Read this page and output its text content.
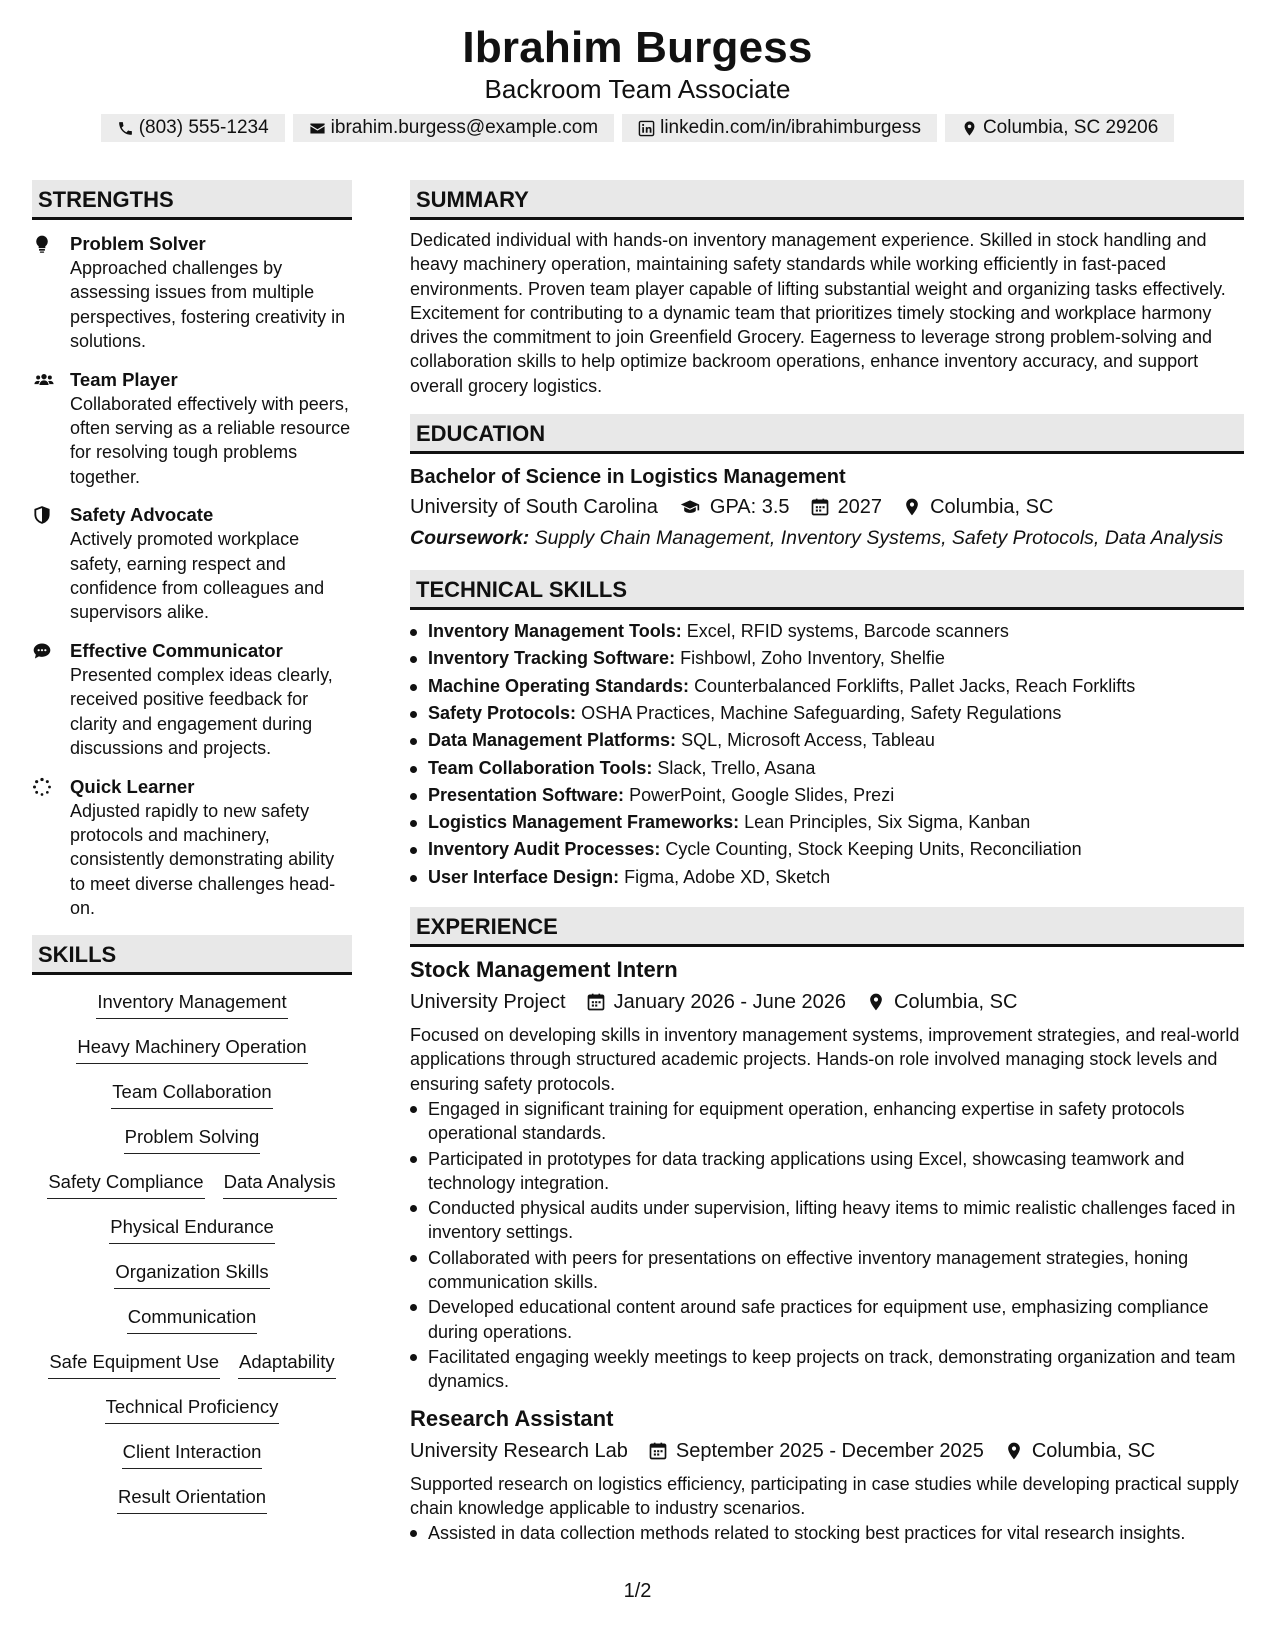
Ibrahim Burgess
Backroom Team Associate
(803) 555-1234	ibrahim.burgess@example.com	linkedin.com/in/ibrahimburgess	Columbia, SC 29206
STRENGTHS
Problem Solver
Approached challenges by assessing issues from multiple perspectives, fostering creativity in solutions.
Team Player
Collaborated effectively with peers, often serving as a reliable resource for resolving tough problems together.
Safety Advocate
Actively promoted workplace safety, earning respect and confidence from colleagues and supervisors alike.
Effective Communicator
Presented complex ideas clearly, received positive feedback for clarity and engagement during discussions and projects.
Quick Learner
Adjusted rapidly to new safety protocols and machinery, consistently demonstrating ability to meet diverse challenges head-on.
SKILLS
Inventory Management
Heavy Machinery Operation
Team Collaboration
Problem Solving
Safety Compliance Data Analysis
Physical Endurance
Organization Skills
Communication
Safe Equipment Use Adaptability
Technical Proficiency
Client Interaction
Result Orientation
SUMMARY
Dedicated individual with hands-on inventory management experience. Skilled in stock handling and heavy machinery operation, maintaining safety standards while working efficiently in fast-paced environments. Proven team player capable of lifting substantial weight and organizing tasks effectively. Excitement for contributing to a dynamic team that prioritizes timely stocking and workplace harmony drives the commitment to join Greenfield Grocery. Eagerness to leverage strong problem-solving and collaboration skills to help optimize backroom operations, enhance inventory accuracy, and support overall grocery logistics.
EDUCATION
Bachelor of Science in Logistics Management
University of South Carolina	GPA: 3.5 2027 Columbia, SC
Coursework: Supply Chain Management, Inventory Systems, Safety Protocols, Data Analysis
TECHNICAL SKILLS
Inventory Management Tools: Excel, RFID systems, Barcode scanners
Inventory Tracking Software: Fishbowl, Zoho Inventory, Shelfie
Machine Operating Standards: Counterbalanced Forklifts, Pallet Jacks, Reach Forklifts
Safety Protocols: OSHA Practices, Machine Safeguarding, Safety Regulations
Data Management Platforms: SQL, Microsoft Access, Tableau
Team Collaboration Tools: Slack, Trello, Asana
Presentation Software: PowerPoint, Google Slides, Prezi
Logistics Management Frameworks: Lean Principles, Six Sigma, Kanban
Inventory Audit Processes: Cycle Counting, Stock Keeping Units, Reconciliation
User Interface Design: Figma, Adobe XD, Sketch
EXPERIENCE
Stock Management Intern
University Project January 2026 - June 2026 Columbia, SC
Focused on developing skills in inventory management systems, improvement strategies, and real-world applications through structured academic projects. Hands-on role involved managing stock levels and ensuring safety protocols.
Engaged in significant training for equipment operation, enhancing expertise in safety protocols operational standards.
Participated in prototypes for data tracking applications using Excel, showcasing teamwork and technology integration.
Conducted physical audits under supervision, lifting heavy items to mimic realistic challenges faced in inventory settings.
Collaborated with peers for presentations on effective inventory management strategies, honing communication skills.
Developed educational content around safe practices for equipment use, emphasizing compliance during operations.
Facilitated engaging weekly meetings to keep projects on track, demonstrating organization and team dynamics.
Research Assistant
University Research Lab September 2025 - December 2025 Columbia, SC
Supported research on logistics efficiency, participating in case studies while developing practical supply chain knowledge applicable to industry scenarios.
Assisted in data collection methods related to stocking best practices for vital research insights.
1/2
